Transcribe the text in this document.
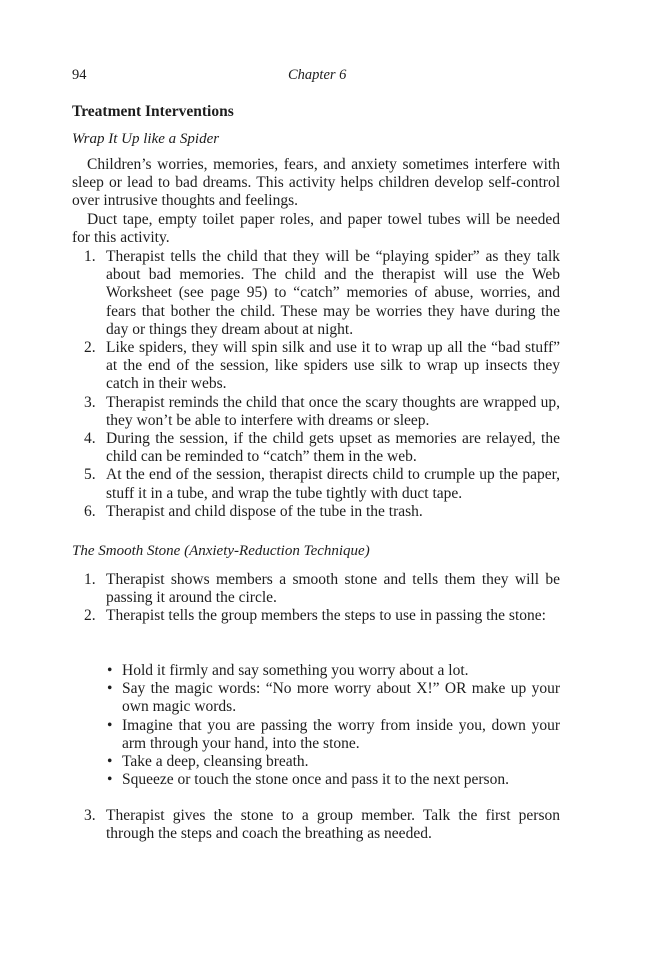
94	Chapter 6
Treatment Interventions
Wrap It Up like a Spider

Children’s worries, memories, fears, and anxiety sometimes interfere with sleep or lead to bad dreams. This activity helps children develop self-control over intrusive thoughts and feelings.

Duct tape, empty toilet paper roles, and paper towel tubes will be needed for this activity.

1. Therapist tells the child that they will be “playing spider” as they talk about bad memories. The child and the therapist will use the Web Worksheet (see page 95) to “catch” memories of abuse, worries, and fears that bother the child. These may be worries they have during the day or things they dream about at night.
2. Like spiders, they will spin silk and use it to wrap up all the “bad stuff” at the end of the session, like spiders use silk to wrap up insects they catch in their webs.
3. Therapist reminds the child that once the scary thoughts are wrapped up, they won’t be able to interfere with dreams or sleep.
4. During the session, if the child gets upset as memories are relayed, the child can be reminded to “catch” them in the web.
5. At the end of the session, therapist directs child to crumple up the paper, stuff it in a tube, and wrap the tube tightly with duct tape.
6. Therapist and child dispose of the tube in the trash.
The Smooth Stone (Anxiety-Reduction Technique)
1. Therapist shows members a smooth stone and tells them they will be passing it around the circle.
2. Therapist tells the group members the steps to use in passing the stone:
• Hold it firmly and say something you worry about a lot.
• Say the magic words: “No more worry about X!” OR make up your own magic words.
• Imagine that you are passing the worry from inside you, down your arm through your hand, into the stone.
• Take a deep, cleansing breath.
• Squeeze or touch the stone once and pass it to the next person.
3. Therapist gives the stone to a group member. Talk the first person through the steps and coach the breathing as needed.
